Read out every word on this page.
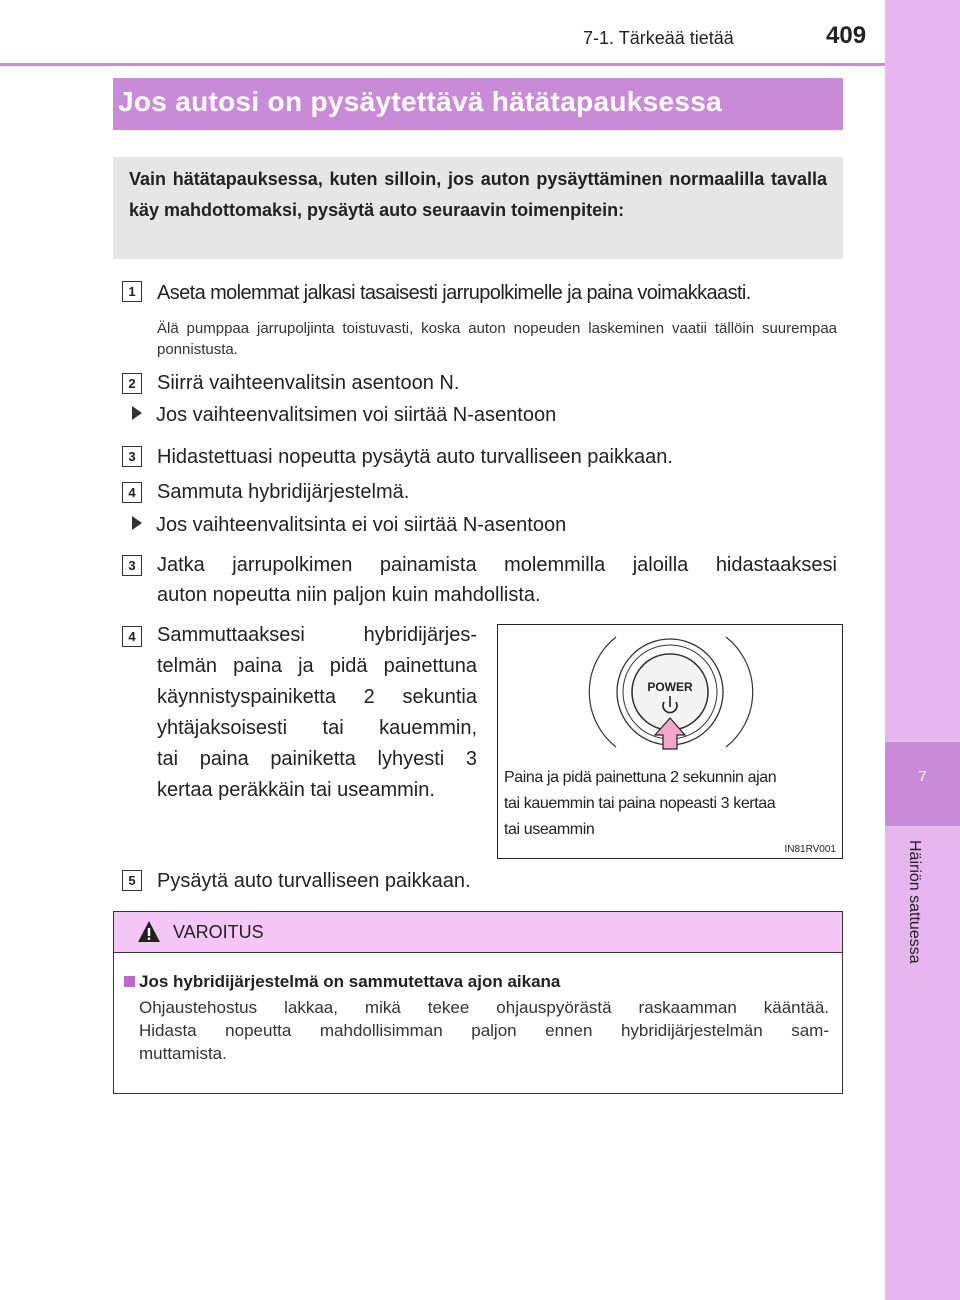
7
Häiriön sattuessa
7-1. Tärkeää tietää	409
Jos autosi on pysäytettävä hätätapauksessa
Vain hätätapauksessa, kuten silloin, jos auton pysäyttäminen normaalilla tavalla käy mahdottomaksi, pysäytä auto seuraavin toimenpitein:
1	Aseta molemmat jalkasi tasaisesti jarrupolkimelle ja paina voimakkaasti.
Älä pumppaa jarrupoljinta toistuvasti, koska auton nopeuden laskeminen vaatii tällöin suurempaa ponnistusta.
2	Siirrä vaihteenvalitsin asentoon N.
Jos vaihteenvalitsimen voi siirtää N-asentoon
3	Hidastettuasi nopeutta pysäytä auto turvalliseen paikkaan.
4	Sammuta hybridijärjestelmä.
Jos vaihteenvalitsinta ei voi siirtää N-asentoon
3	Jatka jarrupolkimen painamista molemmilla jaloilla hidastaaksesi
auton nopeutta niin paljon kuin mahdollista.
4	Sammuttaaksesi hybridijärjes-
telmän paina ja pidä painettuna
käynnistyspainiketta 2 sekuntia
yhtäjaksoisesti tai kauemmin,
tai paina painiketta lyhyesti 3
kertaa peräkkäin tai useammin.
POWER
Paina ja pidä painettuna 2 sekunnin ajan
tai kauemmin tai paina nopeasti 3 kertaa
tai useammin
IN81RV001
5	Pysäytä auto turvalliseen paikkaan.
VAROITUS
Jos hybridijärjestelmä on sammutettava ajon aikana
Ohjaustehostus lakkaa, mikä tekee ohjauspyörästä raskaamman kääntää.
Hidasta nopeutta mahdollisimman paljon ennen hybridijärjestelmän sam-
muttamista.
